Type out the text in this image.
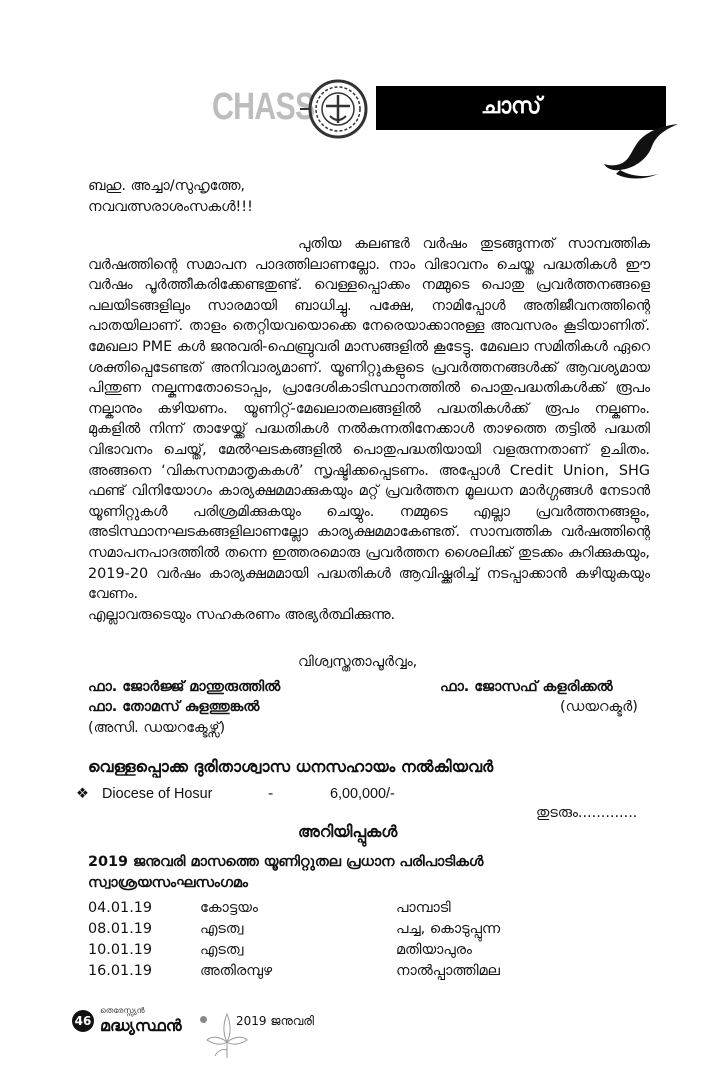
CHASS	ചാസ്
ബഹു. അച്ചാ/സുഹൃത്തേ,
നവവത്സരാശംസകൾ!!!

പുതിയ കലണ്ടർ വർഷം തുടങ്ങുന്നത് സാമ്പത്തിക വർഷത്തിന്റെ സമാപന പാദത്തിലാണല്ലോ. നാം വിഭാവനം ചെയ്ത പദ്ധതികൾ ഈ വർഷം പൂർത്തീകരിക്കേണ്ടതുണ്ട്. വെള്ളപ്പൊക്കം നമ്മുടെ പൊതു പ്രവർത്തനങ്ങളെ പലയിടങ്ങളിലും സാരമായി ബാധിച്ചു. പക്ഷേ, നാമിപ്പോൾ അതിജീവനത്തിന്റെ പാതയിലാണ്. താളം തെറ്റിയവയൊക്കെ നേരെയാക്കാനുള്ള അവസരം കൂടിയാണിത്. മേഖലാ PME കൾ ജനുവരി-ഫെബ്രുവരി മാസങ്ങളിൽ കൂടേട്ടു. മേഖലാ സമിതികൾ ഏറെ ശക്തിപ്പെടേണ്ടത് അനിവാര്യമാണ്. യൂണിറ്റുകളുടെ പ്രവർത്തനങ്ങൾക്ക് ആവശ്യമായ പിന്തുണ നല്കുന്നതോടൊപ്പം, പ്രാദേശികാടിസ്ഥാനത്തിൽ പൊതുപദ്ധതികൾക്ക് രൂപം നല്കാനും കഴിയണം. യൂണിറ്റ്-മേഖലാതലങ്ങളിൽ പദ്ധതികൾക്ക് രൂപം നല്കണം. മുകളിൽ നിന്ന് താഴേയ്ക്ക് പദ്ധതികൾ നൽകുന്നതിനേക്കാൾ താഴത്തെ തട്ടിൽ പദ്ധതി വിഭാവനം ചെയ്ത്, മേൽഘടകങ്ങളിൽ പൊതുപദ്ധതിയായി വളരുന്നതാണ് ഉചിതം. അങ്ങനെ ‘വികസനമാതൃകകൾ’ സൃഷ്ടിക്കപ്പെടണം. അപ്പോൾ Credit Union, SHG ഫണ്ട് വിനിയോഗം കാര്യക്ഷമമാക്കുകയും മറ്റ് പ്രവർത്തന മൂലധന മാർഗ്ഗങ്ങൾ നേടാൻ യൂണിറ്റുകൾ പരിശ്രമിക്കുകയും ചെയ്യും. നമ്മുടെ എല്ലാ പ്രവർത്തനങ്ങളും, അടിസ്ഥാനഘടകങ്ങളിലാണല്ലോ കാര്യക്ഷമമാകേണ്ടത്. സാമ്പത്തിക വർഷത്തിന്റെ സമാപനപാദത്തിൽ തന്നെ ഇത്തരമൊരു പ്രവർത്തന ശൈലിക്ക് തുടക്കം കുറിക്കുകയും, 2019-20 വർഷം കാര്യക്ഷമമായി പദ്ധതികൾ ആവിഷ്ക്കരിച്ച് നടപ്പാക്കാൻ കഴിയുകയും വേണം.

എല്ലാവരുടെയും സഹകരണം അഭ്യർത്ഥിക്കുന്നു.

വിശ്വസ്തതാപൂർവ്വം,
ഫാ. ജോർജ്ജ് മാന്തുരുത്തിൽ	ഫാ. ജോസഫ് കളരിക്കൽ
ഫാ. തോമസ് കുളത്തുങ്കൽ	(ഡയറക്ടർ)
(അസി. ഡയറക്ടേഴ്സ്)
വെള്ളപ്പൊക്ക ദുരിതാശ്വാസ ധനസഹായം നൽകിയവർ
❖ Diocese of Hosur	-	6,00,000/-
തുടരും.............
അറിയിപ്പുകൾ
2019 ജനുവരി മാസത്തെ യൂണിറ്റുതല പ്രധാന പരിപാടികൾ
സ്വാശ്രയസംഘസംഗമം
04.01.19	കോട്ടയം	പാമ്പാടി
08.01.19	എടത്വ	പച്ച, കൊടുപ്പുന്ന
10.01.19	എടത്വ	മതിയാപുരം
16.01.19	അതിരമ്പുഴ	നാൽപ്പാത്തിമല
46
തെരേസ്സ്യൻ
മദ്ധ്യസ്ഥൻ	2019 ജനുവരി
